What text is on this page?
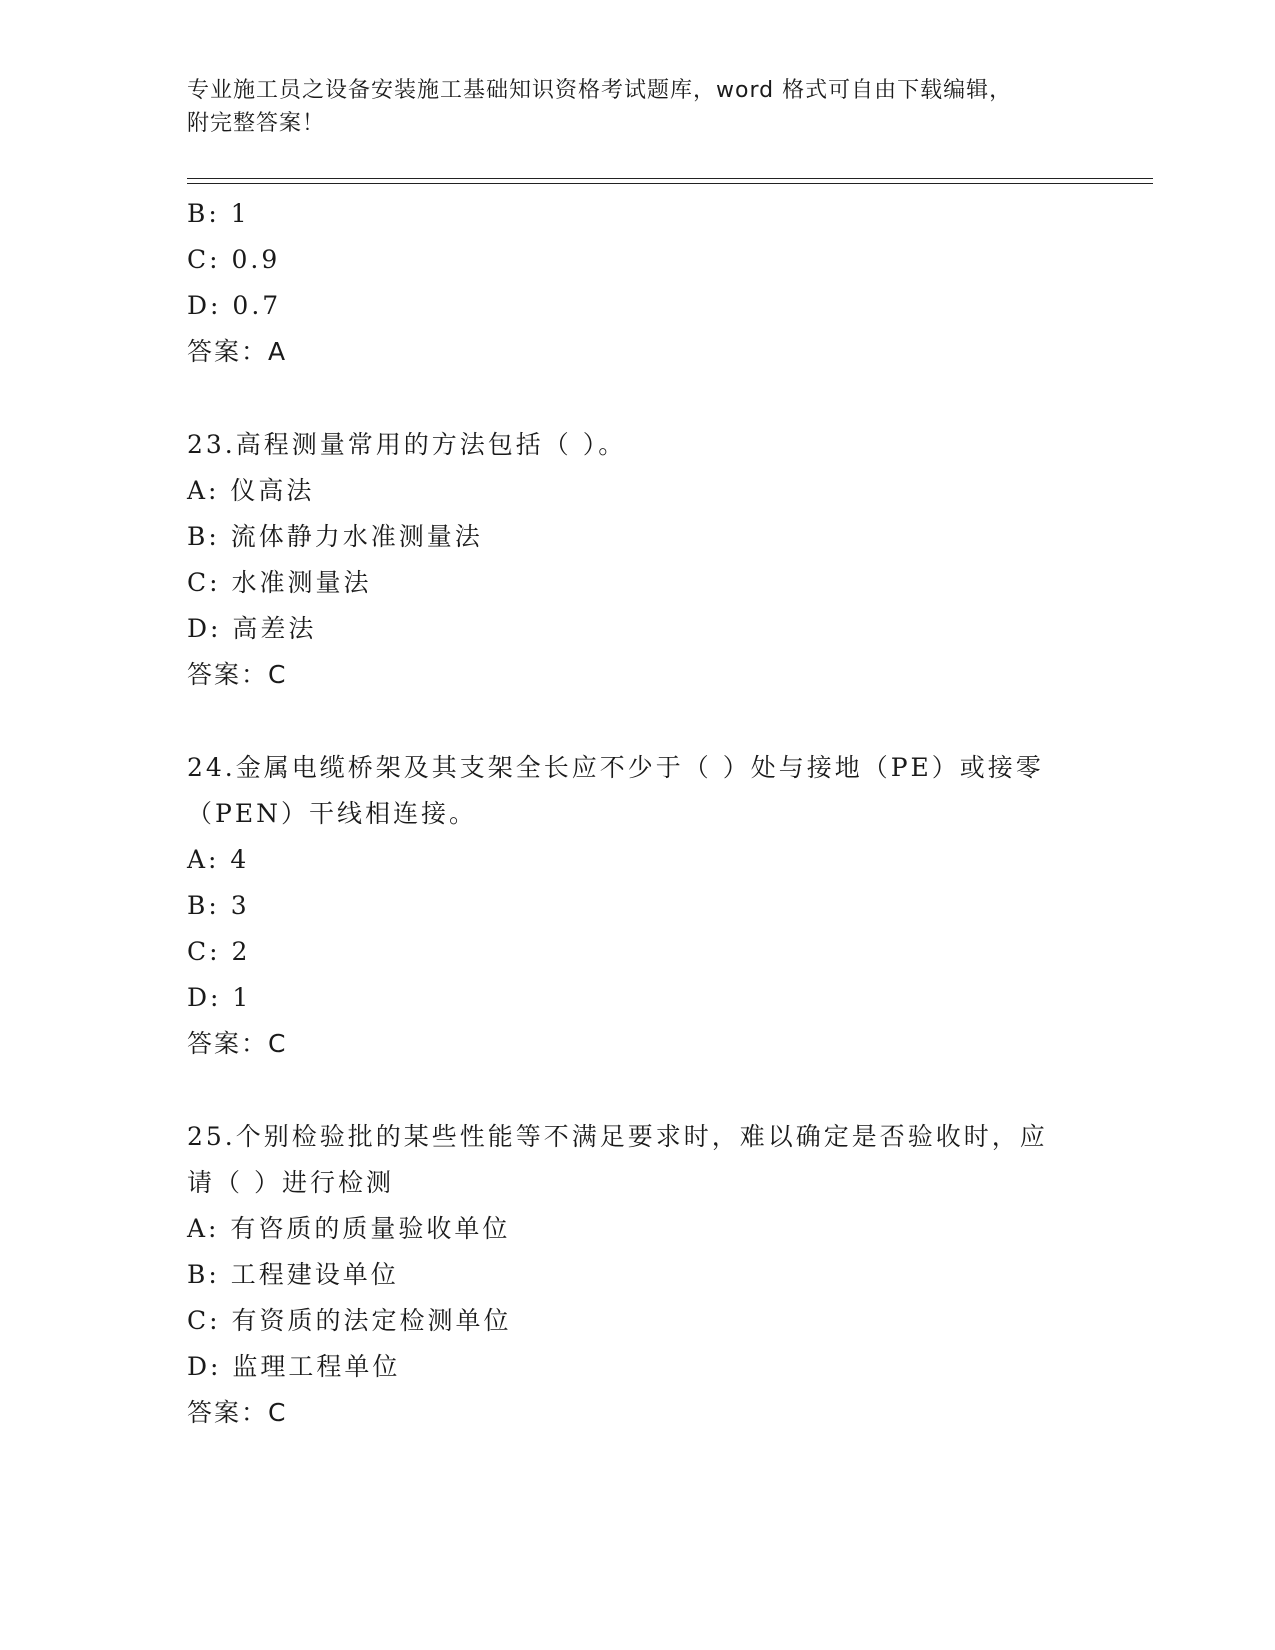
专业施工员之设备安装施工基础知识资格考试题库，word 格式可自由下载编辑，
附完整答案！
B: 1
C: 0.9
D: 0.7
答案：A
23.高程测量常用的方法包括（ ）。
A: 仪高法
B: 流体静力水准测量法
C: 水准测量法
D: 高差法
答案：C
24.金属电缆桥架及其支架全长应不少于（ ）处与接地（PE）或接零
（PEN）干线相连接。
A: 4
B: 3
C: 2
D: 1
答案：C
25.个别检验批的某些性能等不满足要求时，难以确定是否验收时，应
请（ ）进行检测
A: 有咨质的质量验收单位
B: 工程建设单位
C: 有资质的法定检测单位
D: 监理工程单位
答案：C
